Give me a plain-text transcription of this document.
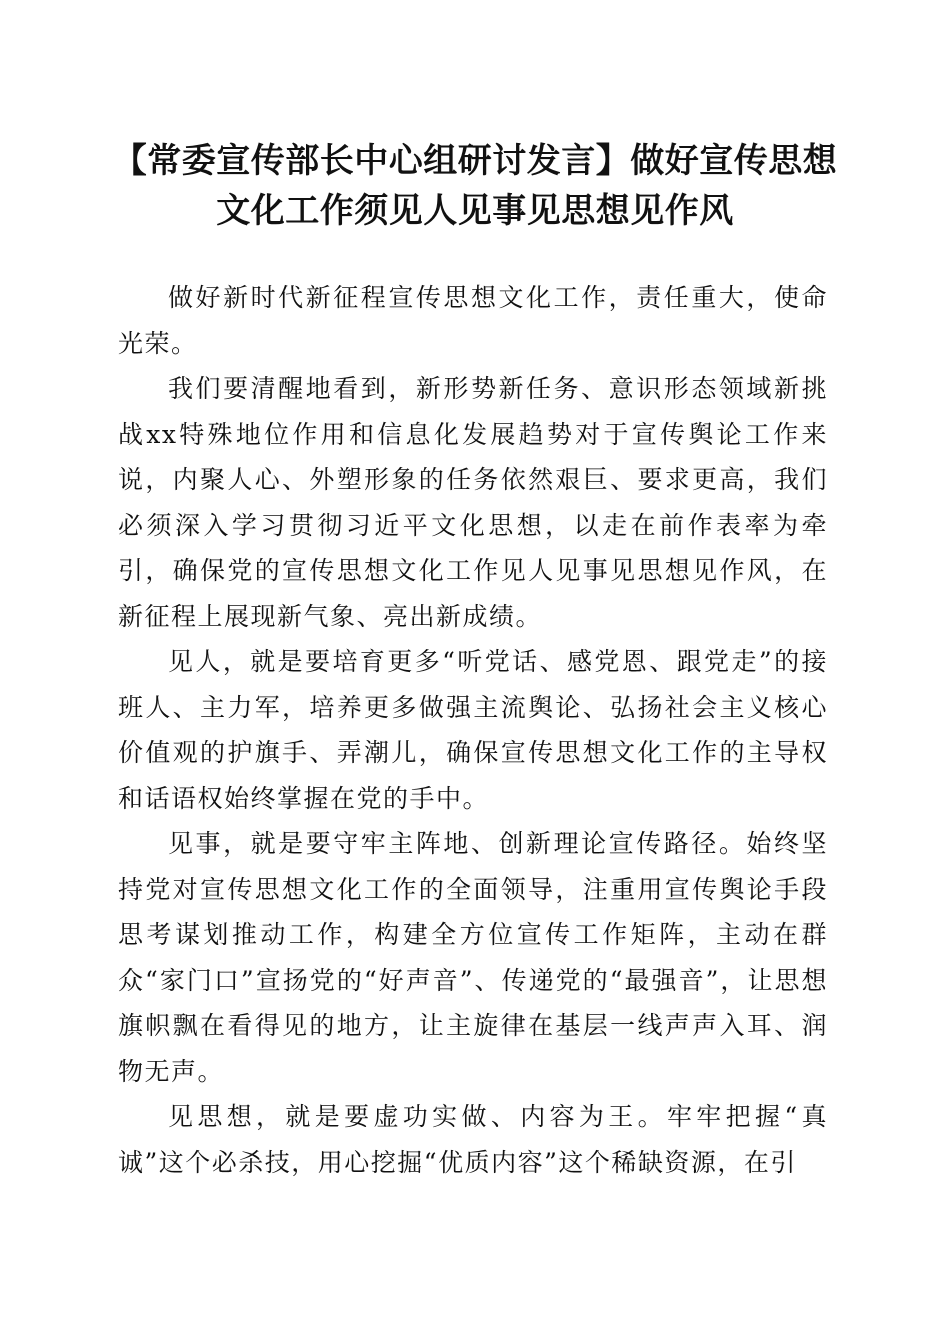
【常委宣传部长中心组研讨发言】做好宣传思想文化工作须见人见事见思想见作风

做好新时代新征程宣传思想文化工作，责任重大，使命光荣。

我们要清醒地看到，新形势新任务、意识形态领域新挑战xx特殊地位作用和信息化发展趋势对于宣传舆论工作来说，内聚人心、外塑形象的任务依然艰巨、要求更高，我们必须深入学习贯彻习近平文化思想，以走在前作表率为牵引，确保党的宣传思想文化工作见人见事见思想见作风，在新征程上展现新气象、亮出新成绩。

见人，就是要培育更多“听党话、感党恩、跟党走”的接班人、主力军，培养更多做强主流舆论、弘扬社会主义核心价值观的护旗手、弄潮儿，确保宣传思想文化工作的主导权和话语权始终掌握在党的手中。

见事，就是要守牢主阵地、创新理论宣传路径。始终坚持党对宣传思想文化工作的全面领导，注重用宣传舆论手段思考谋划推动工作，构建全方位宣传工作矩阵，主动在群众“家门口”宣扬党的“好声音”、传递党的“最强音”，让思想旗帜飘在看得见的地方，让主旋律在基层一线声声入耳、润物无声。

见思想，就是要虚功实做、内容为王。牢牢把握“真诚”这个必杀技，用心挖掘“优质内容”这个稀缺资源，在引
